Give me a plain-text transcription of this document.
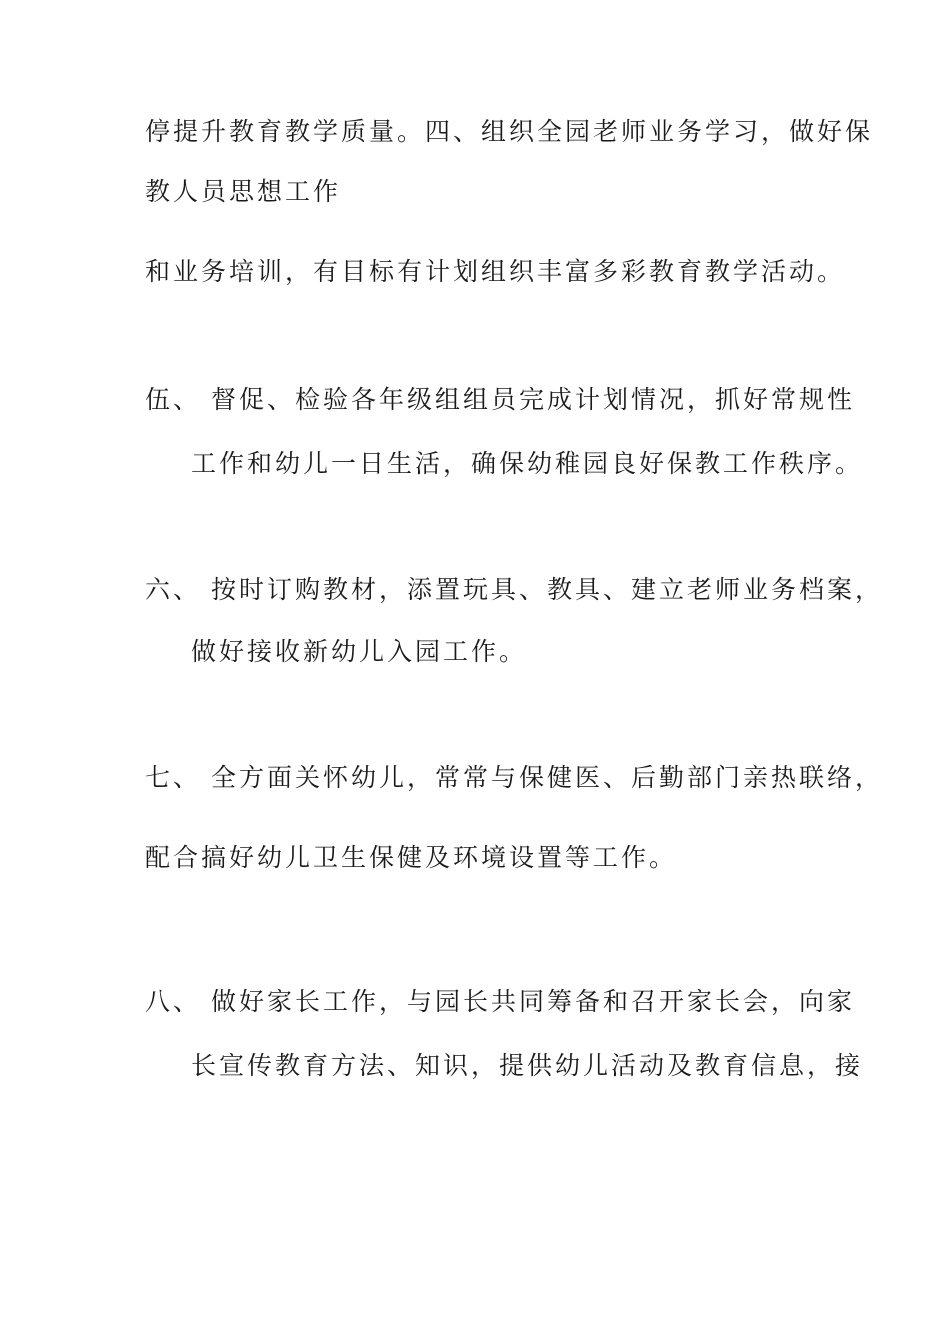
停提升教育教学质量。四、组织全园老师业务学习，做好保
教人员思想工作
和业务培训，有目标有计划组织丰富多彩教育教学活动。
伍、 督促、检验各年级组组员完成计划情况，抓好常规性
工作和幼儿一日生活，确保幼稚园良好保教工作秩序。
六、 按时订购教材，添置玩具、教具、建立老师业务档案，
做好接收新幼儿入园工作。
七、 全方面关怀幼儿，常常与保健医、后勤部门亲热联络，
配合搞好幼儿卫生保健及环境设置等工作。
八、 做好家长工作，与园长共同筹备和召开家长会，向家
长宣传教育方法、知识，提供幼儿活动及教育信息，接
